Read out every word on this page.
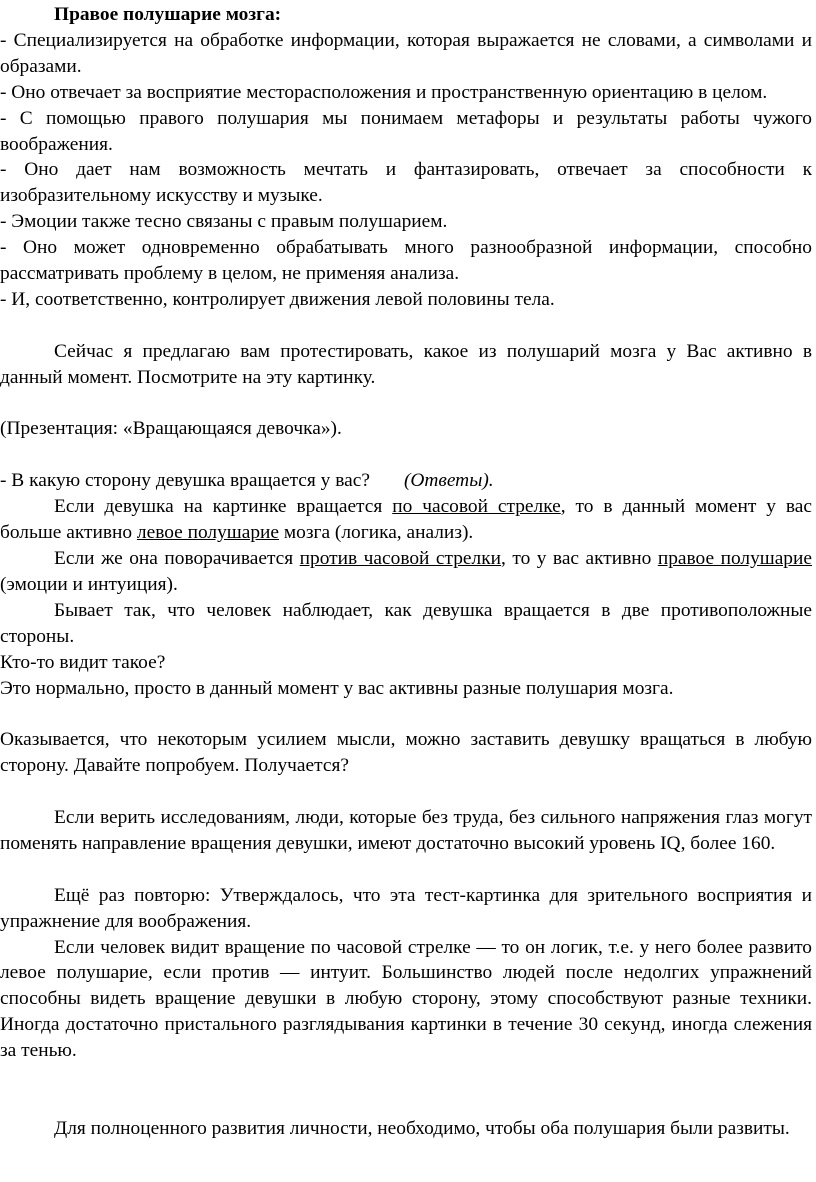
Правое полушарие мозга:

- Специализируется на обработке информации, которая выражается не словами, а символами и образами.

- Оно отвечает за восприятие месторасположения и пространственную ориентацию в целом.

- С помощью правого полушария мы понимаем метафоры и результаты работы чужого воображения.

- Оно дает нам возможность мечтать и фантазировать, отвечает за способности к изобразительному искусству и музыке.

- Эмоции также тесно связаны с правым полушарием.

- Оно может одновременно обрабатывать много разнообразной информации, способно рассматривать проблему в целом, не применяя анализа.

- И, соответственно, контролирует движения левой половины тела.

Сейчас я предлагаю вам протестировать, какое из полушарий мозга у Вас активно в данный момент. Посмотрите на эту картинку.

(Презентация: «Вращающаяся девочка»).

- В какую сторону девушка вращается у вас? (Ответы).

Если девушка на картинке вращается по часовой стрелке, то в данный момент у вас больше активно левое полушарие мозга (логика, анализ).

Если же она поворачивается против часовой стрелки, то у вас активно правое полушарие (эмоции и интуиция).

Бывает так, что человек наблюдает, как девушка вращается в две противоположные стороны.

Кто-то видит такое?

Это нормально, просто в данный момент у вас активны разные полушария мозга.

Оказывается, что некоторым усилием мысли, можно заставить девушку вращаться в любую сторону. Давайте попробуем. Получается?

Если верить исследованиям, люди, которые без труда, без сильного напряжения глаз могут поменять направление вращения девушки, имеют достаточно высокий уровень IQ, более 160.

Ещё раз повторю: Утверждалось, что эта тест-картинка для зрительного восприятия и упражнение для воображения.

Если человек видит вращение по часовой стрелке — то он логик, т.е. у него более развито левое полушарие, если против — интуит. Большинство людей после недолгих упражнений способны видеть вращение девушки в любую сторону, этому способствуют разные техники. Иногда достаточно пристального разглядывания картинки в течение 30 секунд, иногда слежения за тенью.

Для полноценного развития личности, необходимо, чтобы оба полушария были развиты.
